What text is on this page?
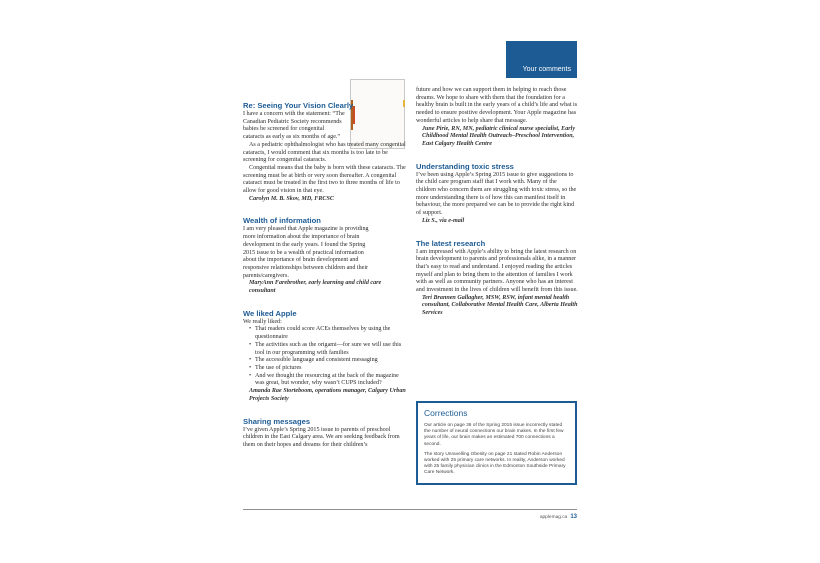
Your comments
Re: Seeing Your Vision Clearly

I have a concern with the statement: “The Canadian Pediatric Society recommends babies be screened for congenital cataracts as early as six months of age.”

As a pediatric ophthalmologist who has treated many congenital cataracts, I would comment that six months is too late to be screening for congenital cataracts.

Congenital means that the baby is born with these cataracts. The screening must be at birth or very soon thereafter. A congenital cataract must be treated in the first two to three months of life to allow for good vision in that eye.

Carolyn M. B. Skov, MD, FRCSC

Wealth of information

I am very pleased that Apple magazine is providing more information about the importance of brain development in the early years. I found the Spring 2015 issue to be a wealth of practical information about the importance of brain development and responsive relationships between children and their parents/caregivers.

MaryAnn Farebrother, early learning and child care consultant

We liked Apple

We really liked:

• That readers could score ACEs themselves by using the questionnaire
• The activities such as the origami—for sure we will use this tool in our programming with families
• The accessible language and consistent messaging
• The use of pictures
• And we thought the resourcing at the back of the magazine was great, but wonder, why wasn’t CUPS included?

Amanda Rae Storteboom, operations manager, Calgary Urban Projects Society

Sharing messages

I’ve given Apple’s Spring 2015 issue to parents of preschool children in the East Calgary area. We are seeking feedback from them on their hopes and dreams for their children’s

future and how we can support them in helping to reach those dreams. We hope to share with them that the foundation for a healthy brain is built in the early years of a child’s life and what is needed to ensure positive development. Your Apple magazine has wonderful articles to help share that message.

June Pirie, RN, MN, pediatric clinical nurse specialist, Early Childhood Mental Health Outreach–Preschool Intervention, East Calgary Health Centre

Understanding toxic stress

I’ve been using Apple’s Spring 2015 issue to give suggestions to the child care program staff that I work with. Many of the children who concern them are struggling with toxic stress, so the more understanding there is of how this can manifest itself in behaviour, the more prepared we can be to provide the right kind of support.

Liz S., via e-mail

The latest research

I am impressed with Apple’s ability to bring the latest research on brain development to parents and professionals alike, in a manner that’s easy to read and understand. I enjoyed reading the articles myself and plan to bring them to the attention of families I work with as well as community partners. Anyone who has an interest and investment in the lives of children will benefit from this issue.

Teri Brannen Gallagher, MSW, RSW, infant mental health consultant, Collaborative Mental Health Care, Alberta Health Services

Corrections

Our article on page 36 of the Spring 2015 issue incorrectly stated the number of neural connections our brain makes. In the first few years of life, our brain makes an estimated 700 connections a second.

The story Unravelling Obesity on page 21 stated Robin Anderson worked with 25 primary care networks. In reality, Anderson worked with 25 family physician clinics in the Edmonton Southside Primary Care Network.

applemag.ca 13
